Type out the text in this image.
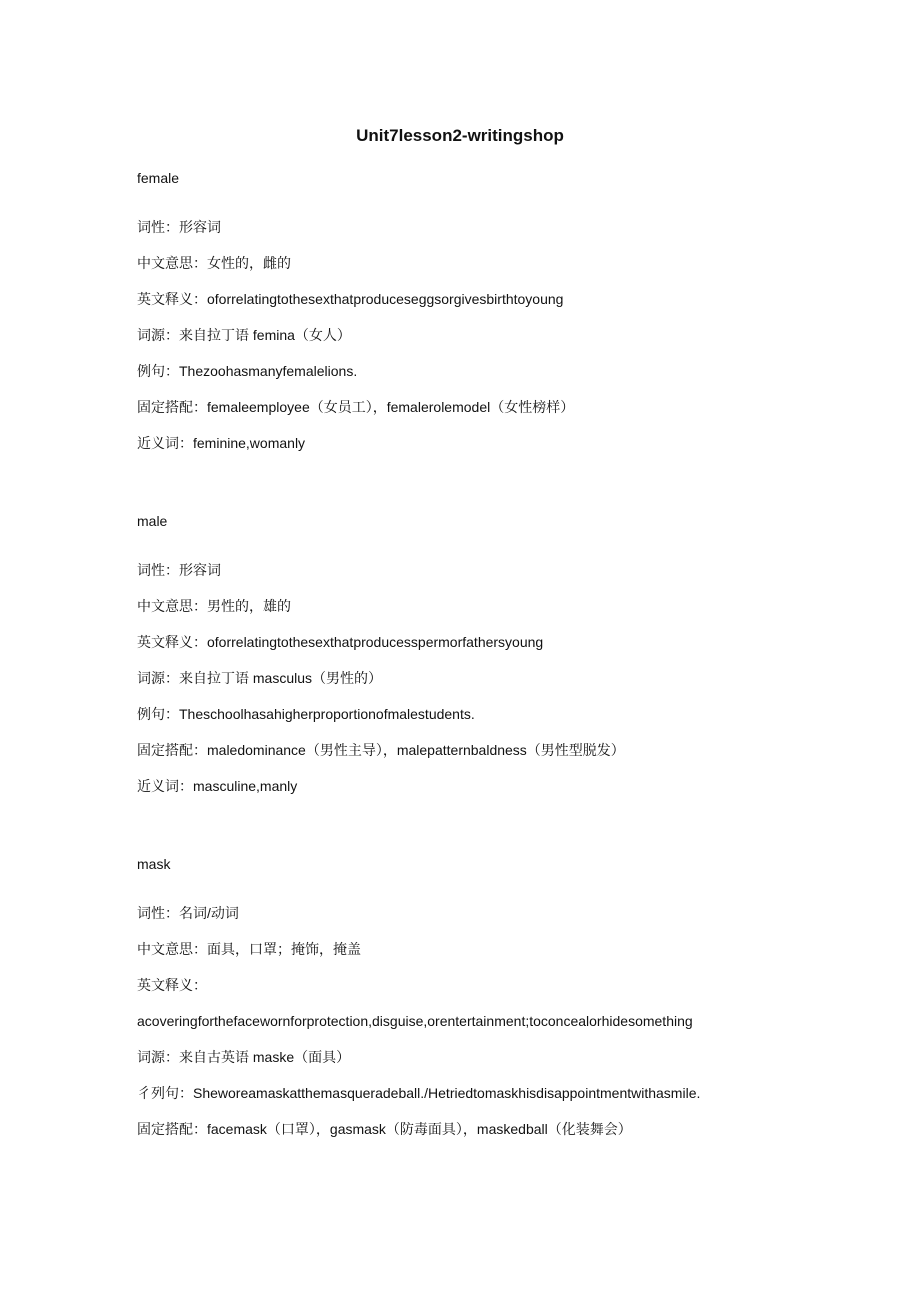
Unit7lesson2-writingshop
female
词性：形容词
中文意思：女性的，雌的
英文释义：oforrelatingtothesexthatproduceseggsorgivesbirthtoyoung
词源：来自拉丁语 femina（女人）
例句：Thezoohasmanyfemalelions.
固定搭配：femaleemployee（女员工），femalerolemodel（女性榜样）
近义词：feminine,womanly
male
词性：形容词
中文意思：男性的，雄的
英文释义：oforrelatingtothesexthatproducesspermorfathersyoung
词源：来自拉丁语 masculus（男性的）
例句：Theschoolhasahigherproportionofmalestudents.
固定搭配：maledominance（男性主导），malepatternbaldness（男性型脱发）
近义词：masculine,manly
mask
词性：名词/动词
中文意思：面具，口罩；掩饰，掩盖
英文释义：
acoveringforthefacewornforprotection,disguise,orentertainment;toconcealorhidesomething
词源：来自古英语 maske（面具）
彳列句：Sheworeamaskatthemasqueradeball./Hetriedtomaskhisdisappointmentwithasmile.
固定搭配：facemask（口罩），gasmask（防毒面具），maskedball（化装舞会）
